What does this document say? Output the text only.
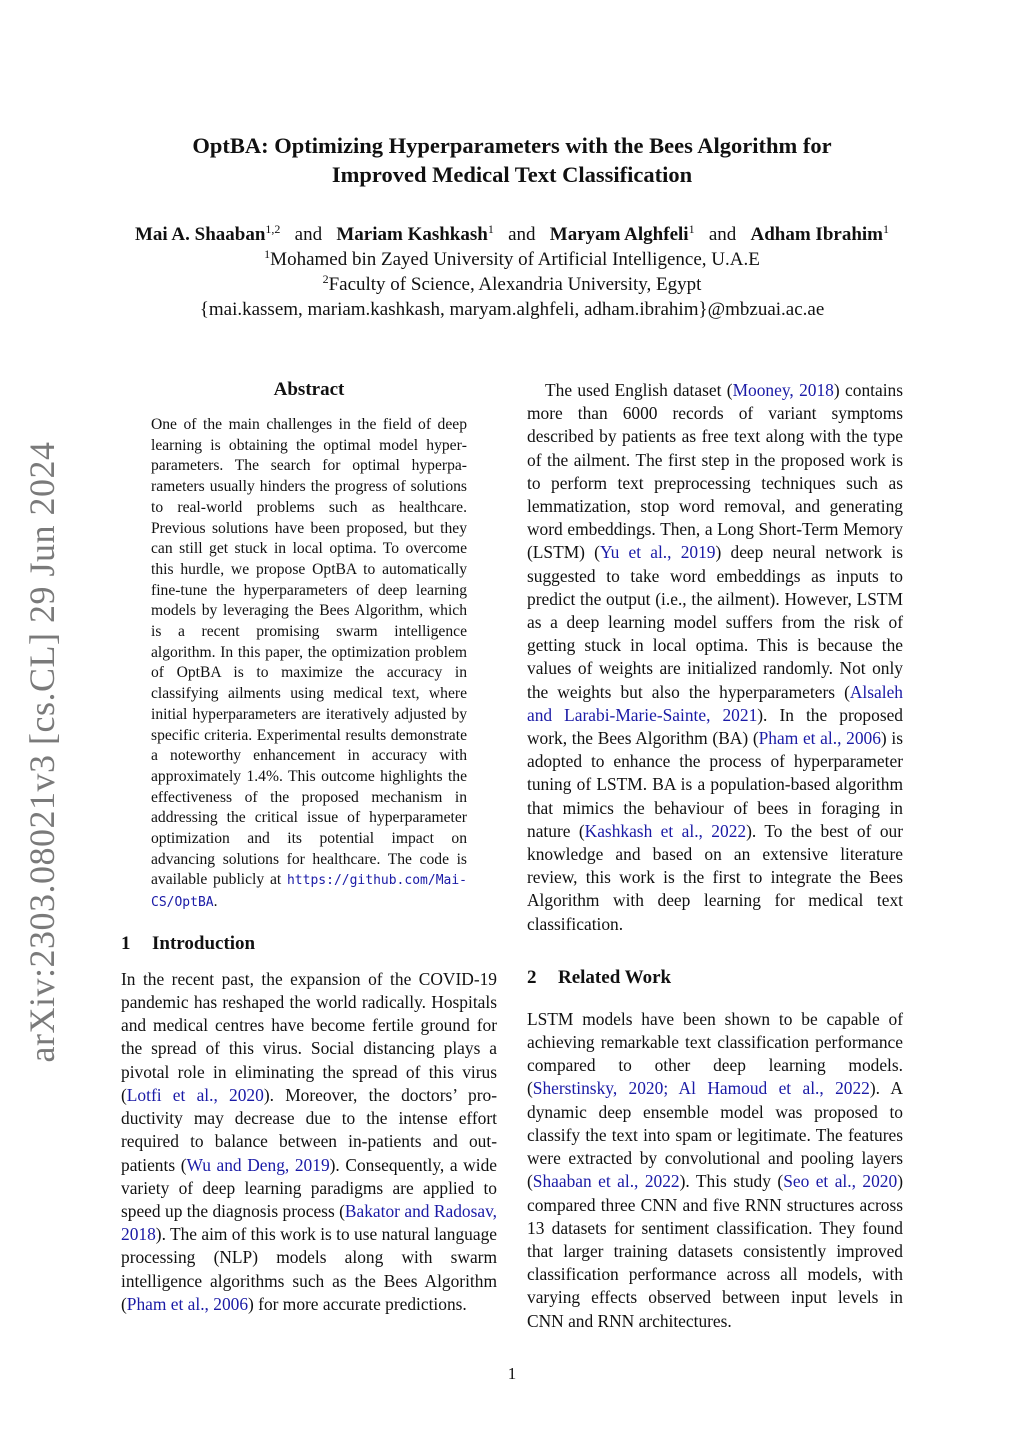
arXiv:2303.08021v3 [cs.CL] 29 Jun 2024
OptBA: Optimizing Hyperparameters with the Bees Algorithm for
Improved Medical Text Classification
Mai A. Shaaban$^{1,2}$ and Mariam Kashkash$^1$ and Maryam Alghfeli$^1$ and Adham Ibrahim$^1$
$^1$Mohamed bin Zayed University of Artificial Intelligence, U.A.E
$^2$Faculty of Science, Alexandria University, Egypt
{mai.kassem, mariam.kashkash, maryam.alghfeli, adham.ibrahim}@mbzuai.ac.ae
Abstract
One of the main challenges in the field of deep learning is obtaining the optimal model hyperparameters. The search for optimal hyperparameters usually hinders the progress of solutions to real-world problems such as healthcare. Previous solutions have been proposed, but they can still get stuck in local optima. To overcome this hurdle, we propose OptBA to automatically fine-tune the hyperparameters of deep learning models by leveraging the Bees Algorithm, which is a recent promising swarm intelligence algorithm. In this paper, the optimization problem of OptBA is to maximize the accuracy in classifying ailments using medical text, where initial hyperparameters are iteratively adjusted by specific criteria. Experimental results demonstrate a noteworthy enhancement in accuracy with approximately 1.4%. This outcome highlights the effectiveness of the proposed mechanism in addressing the critical issue of hyperparameter optimization and its potential impact on advancing solutions for healthcare. The code is available publicly at https://github.com/Mai-CS/OptBA.
1 Introduction

In the recent past, the expansion of the COVID-19 pandemic has reshaped the world radically. Hospitals and medical centres have become fertile ground for the spread of this virus. Social distancing plays a pivotal role in eliminating the spread of this virus (Lotfi et al., 2020). Moreover, the doctors’ productivity may decrease due to the intense effort required to balance between in-patients and outpatients (Wu and Deng, 2019). Consequently, a wide variety of deep learning paradigms are applied to speed up the diagnosis process (Bakator and Radosav, 2018). The aim of this work is to use natural language processing (NLP) models along with swarm intelligence algorithms such as the Bees Algorithm (Pham et al., 2006) for more accurate predictions.

The used English dataset (Mooney, 2018) contains more than 6000 records of variant symptoms described by patients as free text along with the type of the ailment. The first step in the proposed work is to perform text preprocessing techniques such as lemmatization, stop word removal, and generating word embeddings. Then, a Long Short-Term Memory (LSTM) (Yu et al., 2019) deep neural network is suggested to take word embeddings as inputs to predict the output (i.e., the ailment). However, LSTM as a deep learning model suffers from the risk of getting stuck in local optima. This is because the values of weights are initialized randomly. Not only the weights but also the hyperparameters (Alsaleh and Larabi-Marie-Sainte, 2021). In the proposed work, the Bees Algorithm (BA) (Pham et al., 2006) is adopted to enhance the process of hyperparameter tuning of LSTM. BA is a population-based algorithm that mimics the behaviour of bees in foraging in nature (Kashkash et al., 2022). To the best of our knowledge and based on an extensive literature review, this work is the first to integrate the Bees Algorithm with deep learning for medical text classification.

2 Related Work

LSTM models have been shown to be capable of achieving remarkable text classification performance compared to other deep learning models. (Sherstinsky, 2020; Al Hamoud et al., 2022). A dynamic deep ensemble model was proposed to classify the text into spam or legitimate. The features were extracted by convolutional and pooling layers (Shaaban et al., 2022). This study (Seo et al., 2020) compared three CNN and five RNN structures across 13 datasets for sentiment classification. They found that larger training datasets consistently improved classification performance across all models, with varying effects observed between input levels in CNN and RNN architectures.

1
